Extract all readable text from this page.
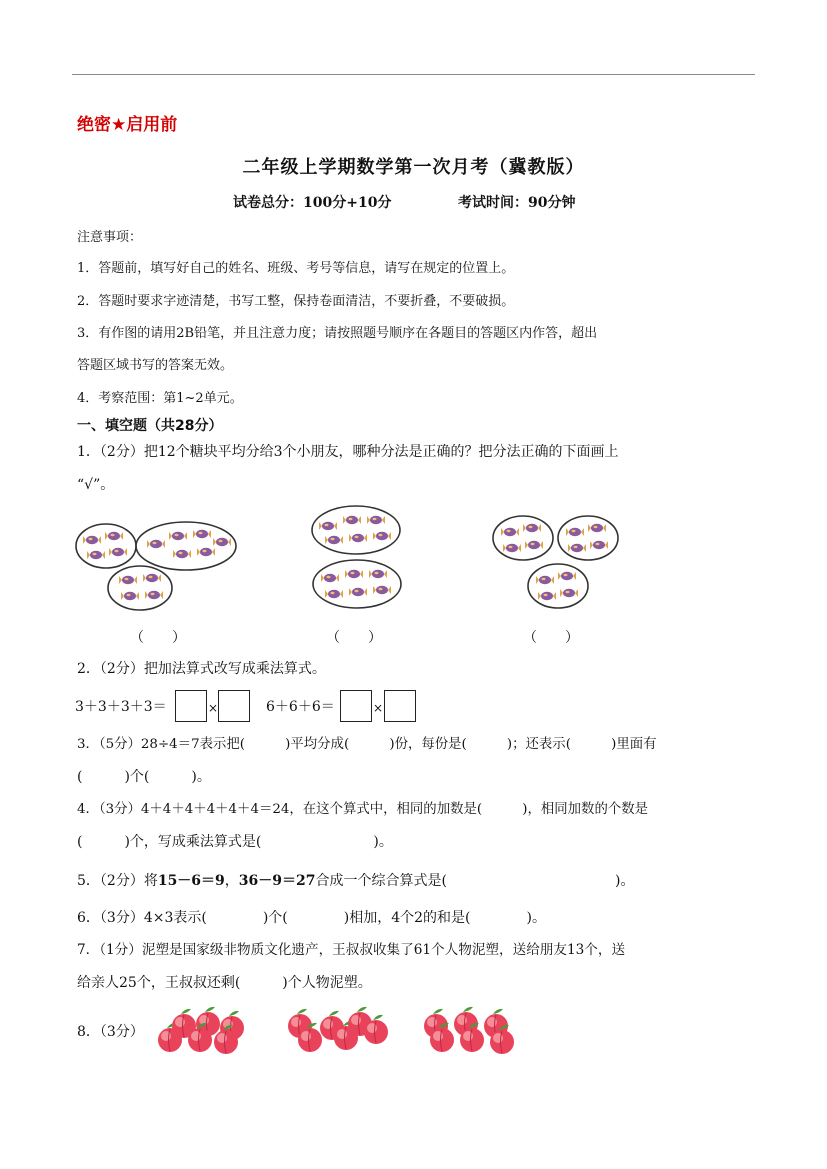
绝密★启用前
二年级上学期数学第一次月考（冀教版）
试卷总分：100分+10分	考试时间：90分钟
注意事项：
1．答题前，填写好自己的姓名、班级、考号等信息，请写在规定的位置上。
2．答题时要求字迹清楚，书写工整，保持卷面清洁，不要折叠，不要破损。
3．有作图的请用2B铅笔，并且注意力度；请按照题号顺序在各题目的答题区内作答，超出
答题区域书写的答案无效。
4．考察范围：第1~2单元。
一、填空题（共28分）
1．（2分）把12个糖块平均分给3个小朋友，哪种分法是正确的？把分法正确的下面画上
“√”。
（　　）	（　　）	（　　）
2．（2分）把加法算式改写成乘法算式。
3＋3＋3＋3＝	×	6＋6＋6＝	×
3．（5分）28÷4＝7表示把(　　　)平均分成(　　　)份，每份是(　　　)；还表示(　　　)里面有
(　　　)个(　　　)。
4．（3分）4＋4＋4＋4＋4＋4＝24，在这个算式中，相同的加数是(　　　)，相同加数的个数是
(　　　)个，写成乘法算式是(　　　　　　　　)。
5．（2分）将15－6＝9，36－9＝27合成一个综合算式是(　　　　　　　　　　　　)。
6．（3分）4×3表示(　　　　)个(　　　　)相加，4个2的和是(　　　　)。
7．（1分）泥塑是国家级非物质文化遗产，王叔叔收集了61个人物泥塑，送给朋友13个，送
给亲人25个，王叔叔还剩(　　　)个人物泥塑。
8．（3分）
